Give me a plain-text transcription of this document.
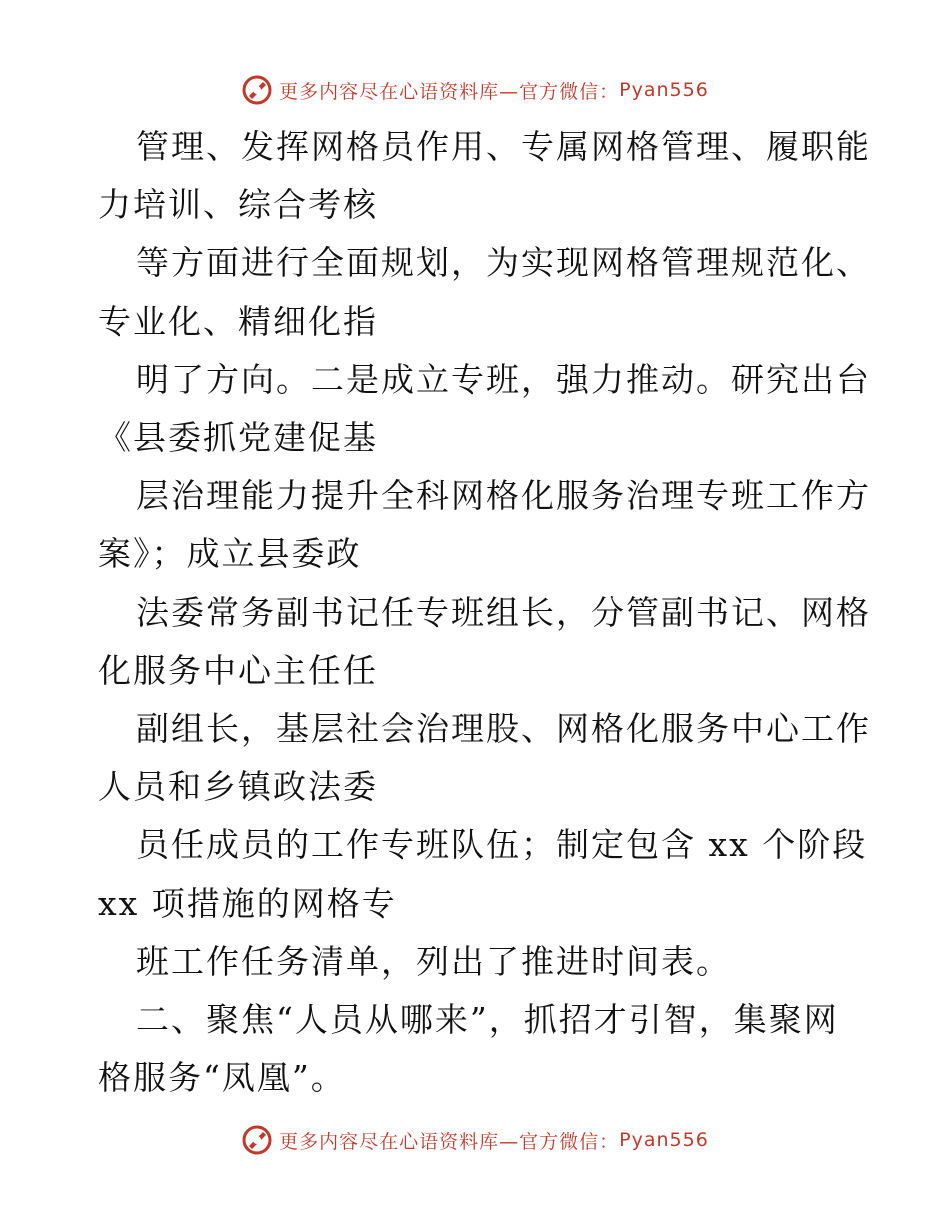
更多内容尽在心语资料库—官方微信： Pyan556

管理、发挥网格员作用、专属网格管理、履职能
力培训、综合考核

等方面进行全面规划，为实现网格管理规范化、
专业化、精细化指

明了方向。二是成立专班，强力推动。研究出台
《县委抓党建促基

层治理能力提升全科网格化服务治理专班工作方
案》；成立县委政

法委常务副书记任专班组长，分管副书记、网格
化服务中心主任任

副组长，基层社会治理股、网格化服务中心工作
人员和乡镇政法委

员任成员的工作专班队伍；制定包含 xx 个阶段
xx 项措施的网格专

班工作任务清单，列出了推进时间表。

二、聚焦“人员从哪来”，抓招才引智，集聚网
格服务“凤凰”。

更多内容尽在心语资料库—官方微信： Pyan556
